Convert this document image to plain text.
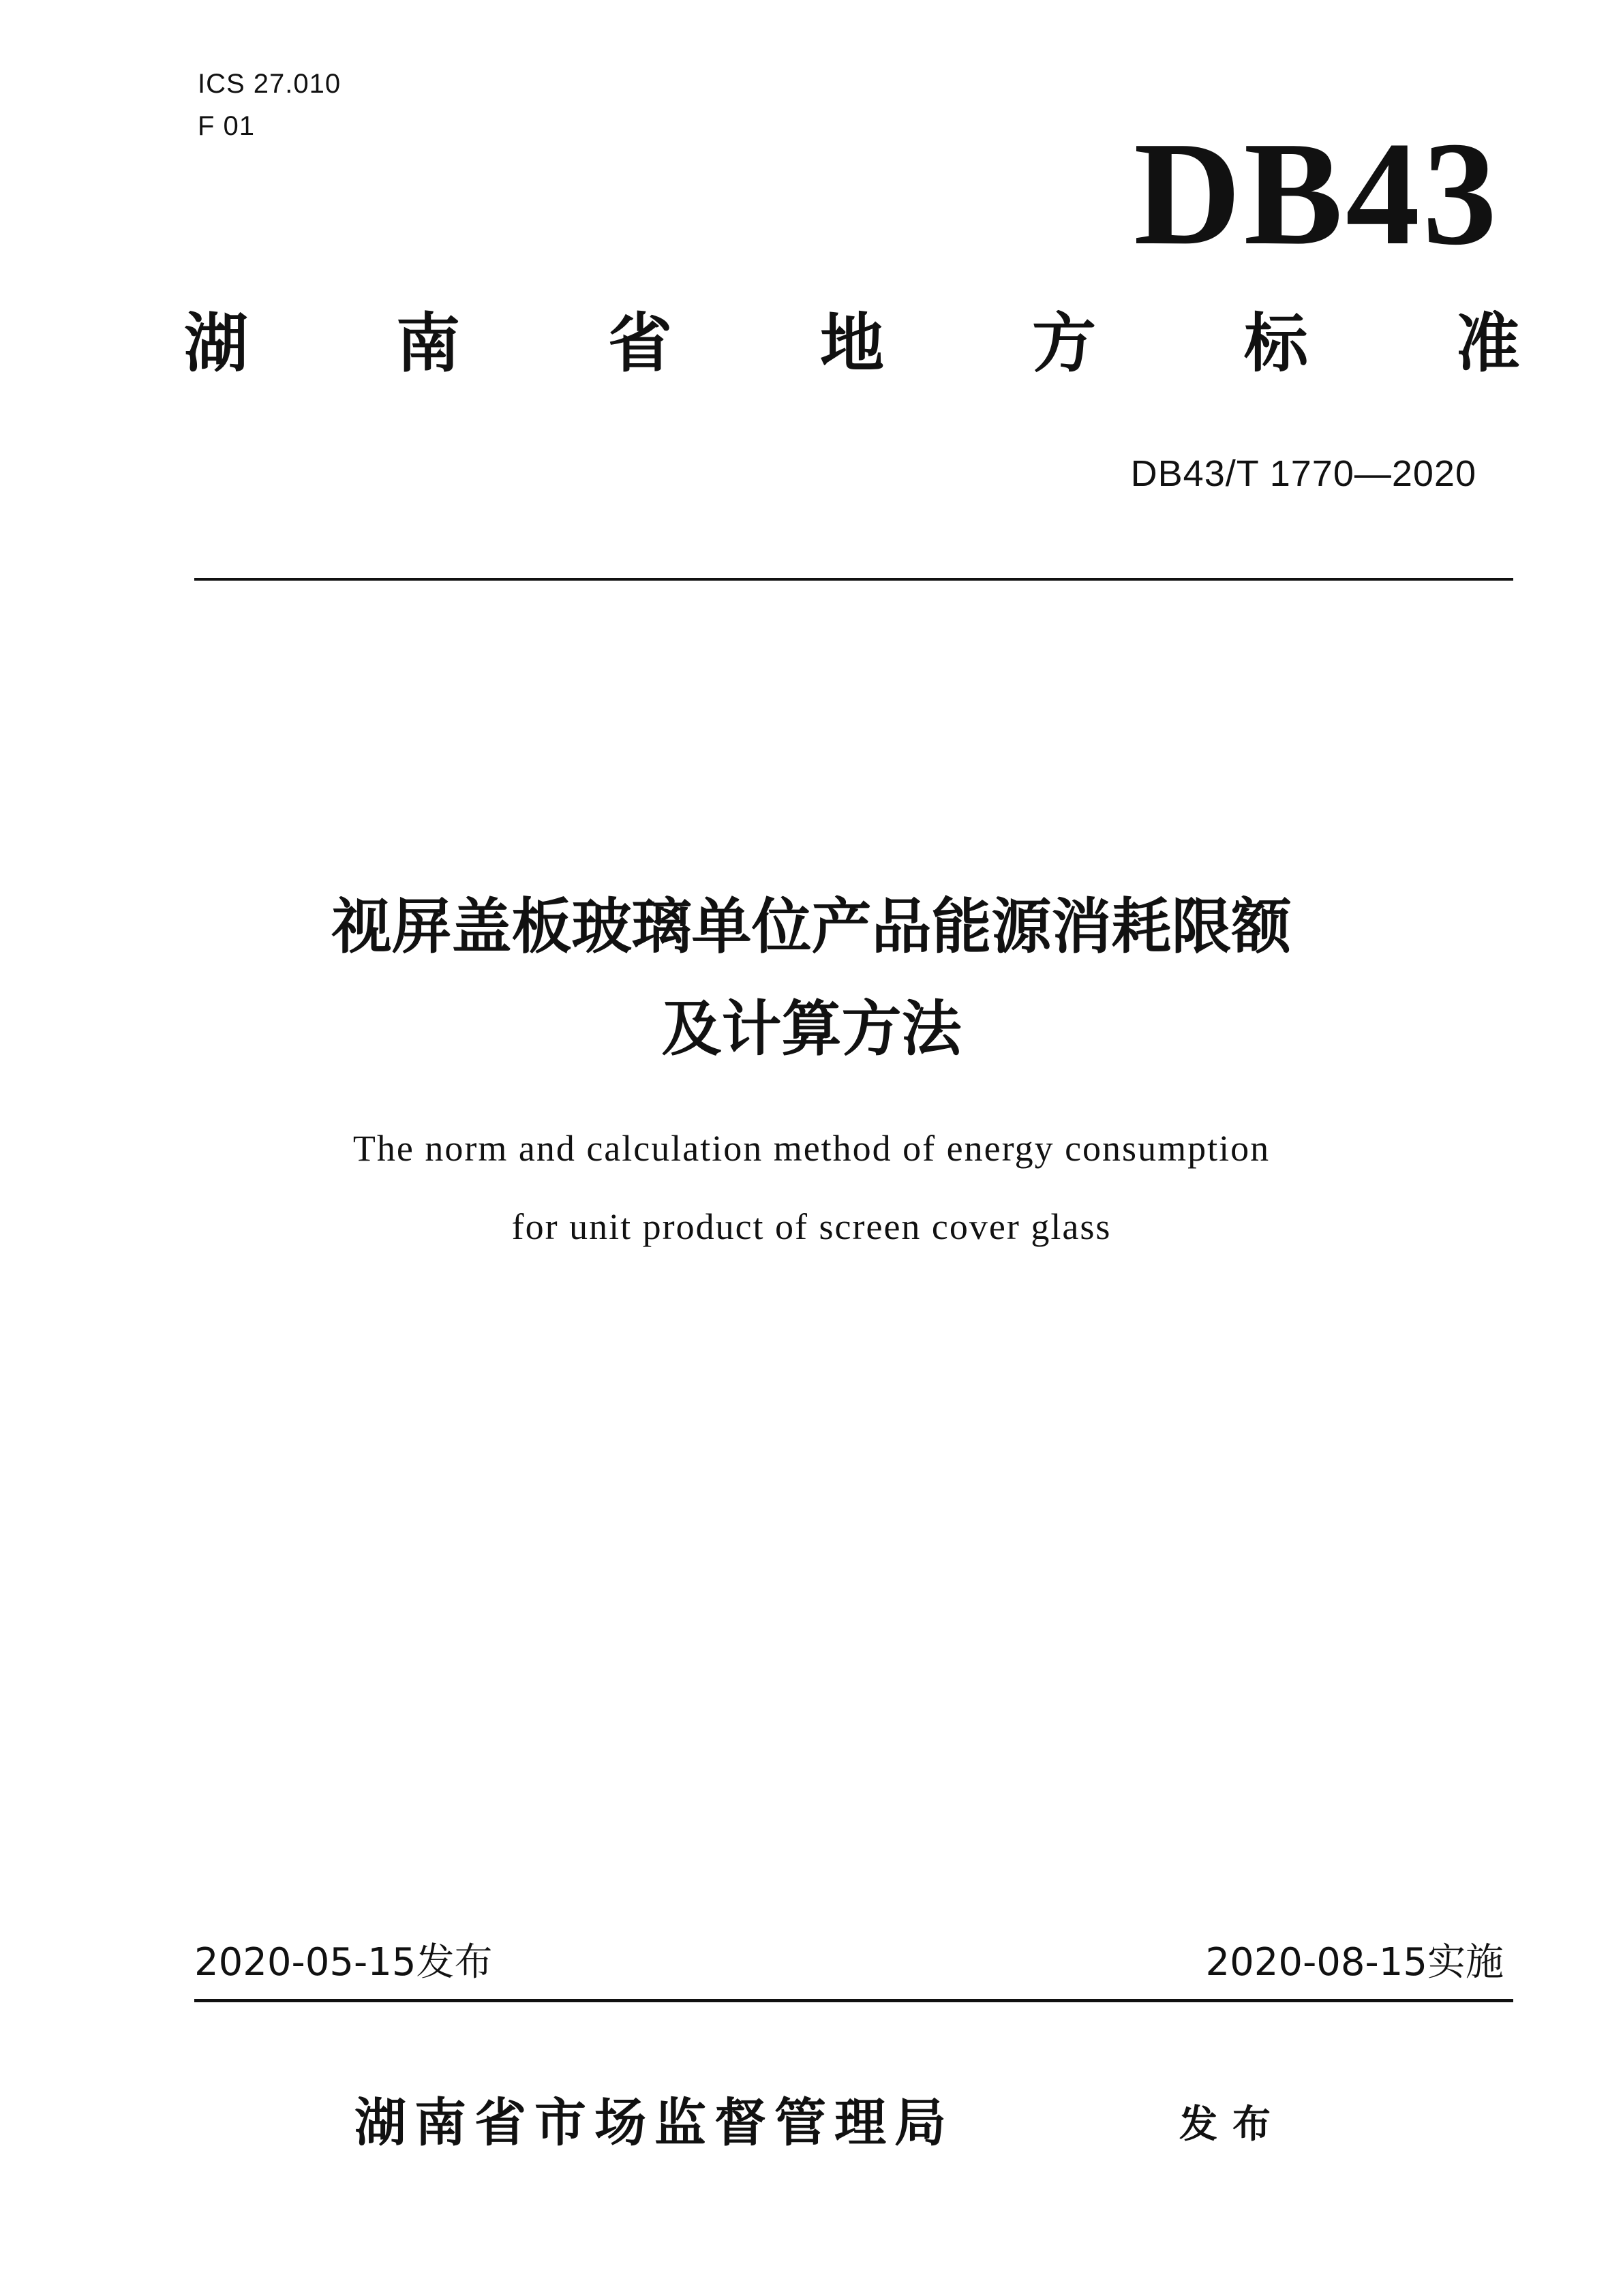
ICS 27.010
F 01	DB43
湖 南 省 地 方 标 准
DB43/T 1770—2020
视屏盖板玻璃单位产品能源消耗限额
及计算方法
The norm and calculation method of energy consumption
for unit product of screen cover glass
2020-05-15发布	2020-08-15实施
湖南省市场监督管理局	发布
